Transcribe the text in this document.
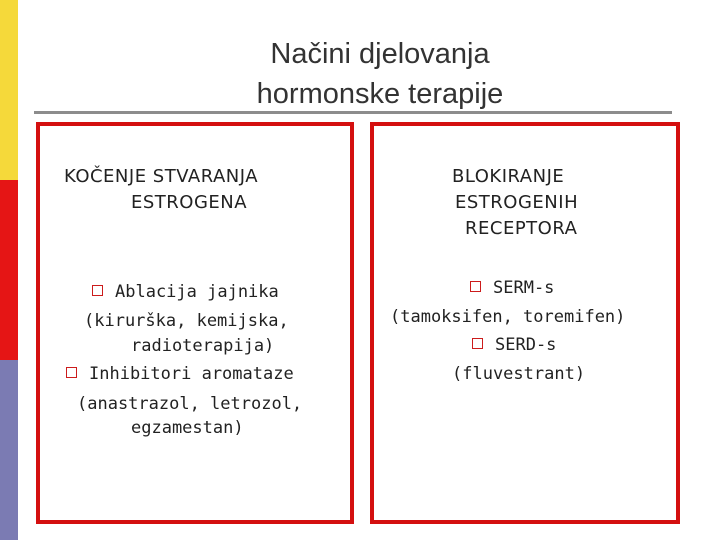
Načini djelovanja
hormonske terapije
KOČENJE STVARANJA
ESTROGENA
Ablacija jajnika
(kirurška, kemijska,
radioterapija)
Inhibitori aromataze
(anastrazol, letrozol,
egzamestan)
BLOKIRANJE
ESTROGENIH
RECEPTORA
SERM-s
(tamoksifen, toremifen)
SERD-s
(fluvestrant)
